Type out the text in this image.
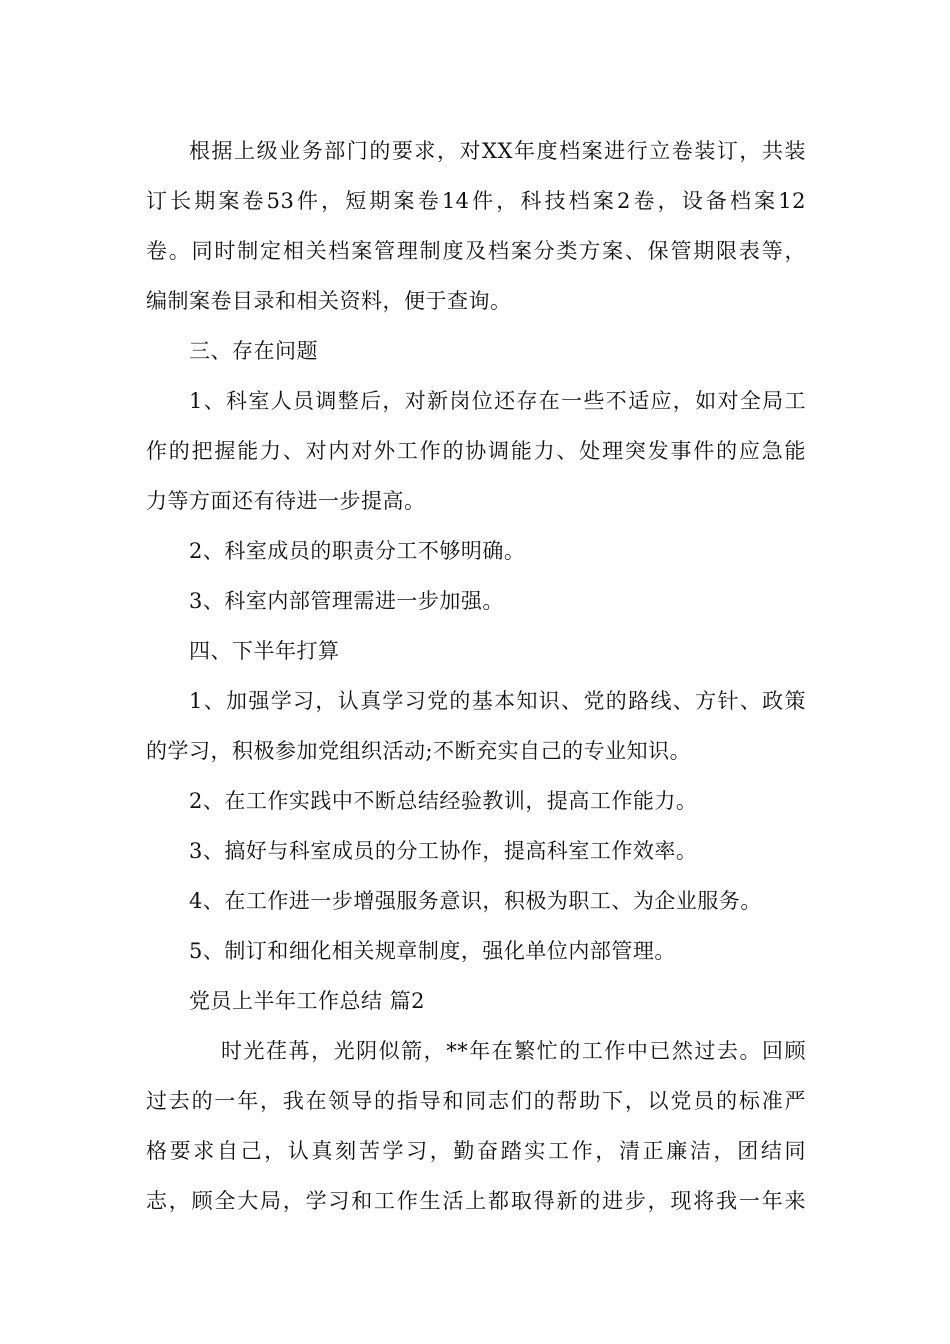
根据上级业务部门的要求，对XX年度档案进行立卷装订，共装
订长期案卷53件，短期案卷14件，科技档案2卷，设备档案12
卷。同时制定相关档案管理制度及档案分类方案、保管期限表等，
编制案卷目录和相关资料，便于查询。
三、存在问题
1、科室人员调整后，对新岗位还存在一些不适应，如对全局工
作的把握能力、对内对外工作的协调能力、处理突发事件的应急能
力等方面还有待进一步提高。
2、科室成员的职责分工不够明确。
3、科室内部管理需进一步加强。
四、下半年打算
1、加强学习，认真学习党的基本知识、党的路线、方针、政策
的学习，积极参加党组织活动;不断充实自己的专业知识。
2、在工作实践中不断总结经验教训，提高工作能力。
3、搞好与科室成员的分工协作，提高科室工作效率。
4、在工作进一步增强服务意识，积极为职工、为企业服务。
5、制订和细化相关规章制度，强化单位内部管理。
党员上半年工作总结 篇2
时光荏苒，光阴似箭，**年在繁忙的工作中已然过去。回顾
过去的一年，我在领导的指导和同志们的帮助下，以党员的标准严
格要求自己，认真刻苦学习，勤奋踏实工作，清正廉洁，团结同
志，顾全大局，学习和工作生活上都取得新的进步，现将我一年来
